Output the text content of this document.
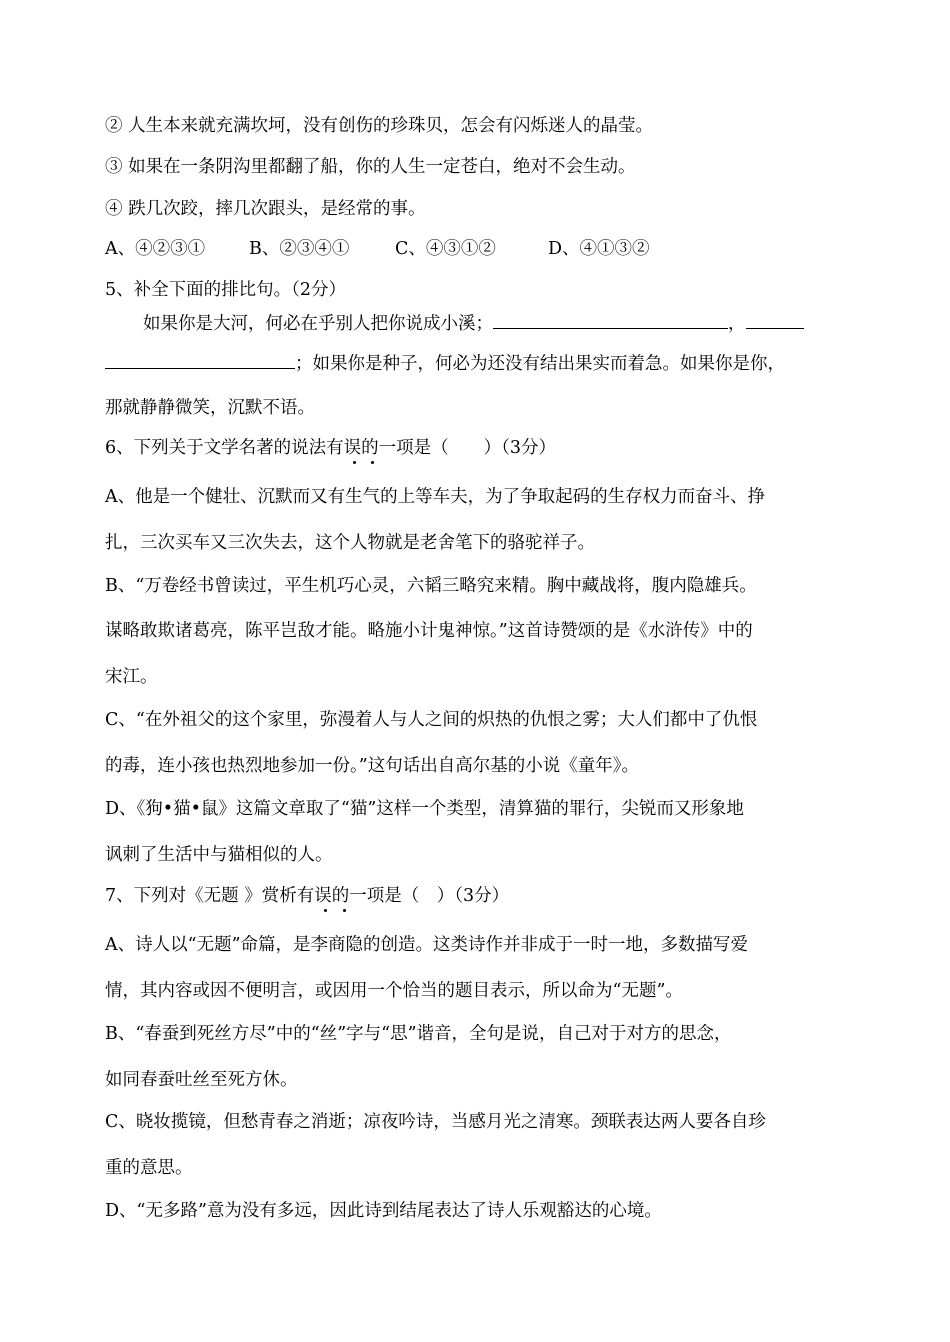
② 人生本来就充满坎坷，没有创伤的珍珠贝，怎会有闪烁迷人的晶莹。
③ 如果在一条阴沟里都翻了船，你的人生一定苍白，绝对不会生动。
④ 跌几次跤，摔几次跟头，是经常的事。
A、④②③①	B、②③④①	C、④③①②	D、④①③②
5、补全下面的排比句。（2分）
如果你是大河，何必在乎别人把你说成小溪；	，
；如果你是种子，何必为还没有结出果实而着急。如果你是你，
那就静静微笑，沉默不语。
6、下列关于文学名著的说法有误的一项是（　　）（3分）
A、他是一个健壮、沉默而又有生气的上等车夫，为了争取起码的生存权力而奋斗、挣
扎，三次买车又三次失去，这个人物就是老舍笔下的骆驼祥子。
B、“万卷经书曾读过，平生机巧心灵，六韬三略究来精。胸中藏战将，腹内隐雄兵。
谋略敢欺诸葛亮，陈平岂敌才能。略施小计鬼神惊。”这首诗赞颂的是《水浒传》中的
宋江。
C、“在外祖父的这个家里，弥漫着人与人之间的炽热的仇恨之雾；大人们都中了仇恨
的毒，连小孩也热烈地参加一份。”这句话出自高尔基的小说《童年》。
D、《狗•猫•鼠》这篇文章取了“猫”这样一个类型，清算猫的罪行，尖锐而又形象地
讽刺了生活中与猫相似的人。
7、下列对《无题 》赏析有误的一项是（　）（3分）
A、诗人以“无题”命篇，是李商隐的创造。这类诗作并非成于一时一地，多数描写爱
情，其内容或因不便明言，或因用一个恰当的题目表示，所以命为“无题”。
B、“春蚕到死丝方尽”中的“丝”字与“思”谐音，全句是说，自己对于对方的思念，
如同春蚕吐丝至死方休。
C、晓妆揽镜，但愁青春之消逝；凉夜吟诗，当感月光之清寒。颈联表达两人要各自珍
重的意思。
D、“无多路”意为没有多远，因此诗到结尾表达了诗人乐观豁达的心境。
